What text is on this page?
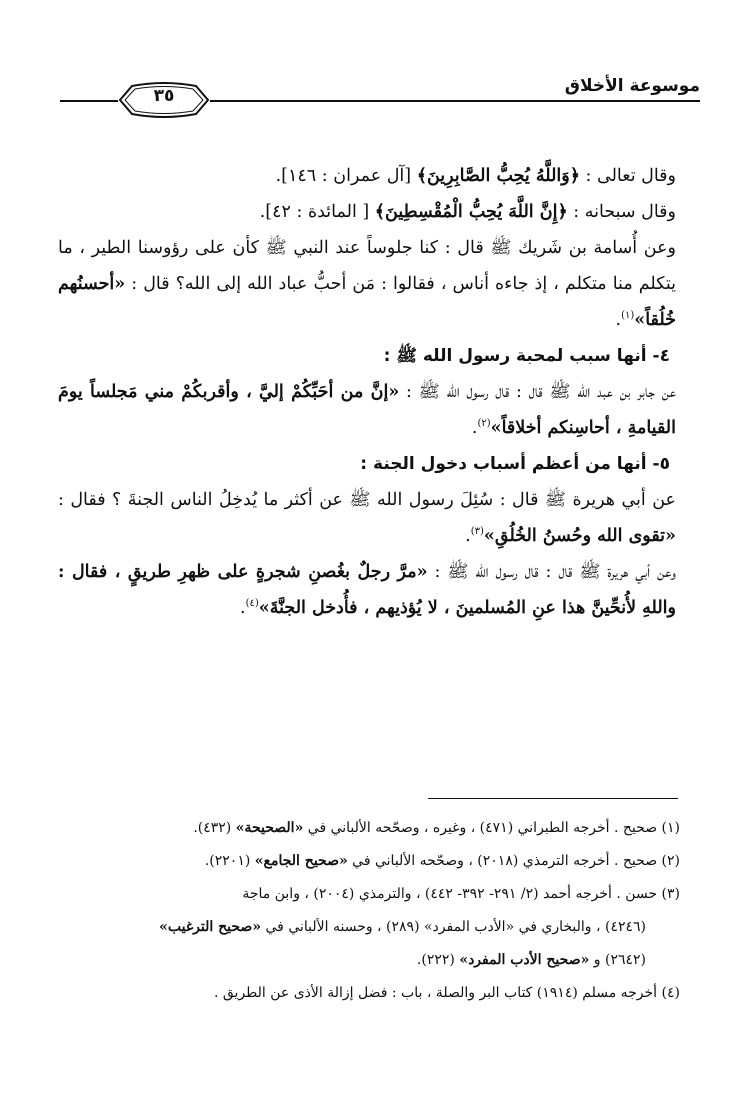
موسوعة الأخلاق
٣٥

وقال تعالى : ﴿وَاللَّهُ يُحِبُّ الصَّابِرِينَ﴾ [آل عمران : ١٤٦].

وقال سبحانه : ﴿إِنَّ اللَّهَ يُحِبُّ الْمُقْسِطِينَ﴾ [ المائدة : ٤٢].

وعن أُسامة بن شَريك ﷺ قال : كنا جلوساً عند النبي ﷺ كأن على رؤوسنا الطير ، ما يتكلم منا متكلم ، إذ جاءه أناس ، فقالوا : مَن أحبُّ عباد الله إلى الله؟ قال : «أحسنُهم خُلُقاً»$^{(١)}$.

٤- أنها سبب لمحبة رسول الله ﷺ :

عن جابر بن عبد الله ﷺ قال : قال رسول الله ﷺ : «إنَّ من أحَبِّكُمْ إليَّ ، وأقربكُمْ مني مَجلساً يومَ القيامةِ ، أحاسِنكم أخلاقاً»$^{(٢)}$.

٥- أنها من أعظم أسباب دخول الجنة :

عن أبي هريرة ﷺ قال : سُئِلَ رسول الله ﷺ عن أكثر ما يُدخِلُ الناس الجنةَ ؟ فقال : «تقوى الله وحُسنُ الخُلُقِ»$^{(٣)}$.

وعن أبي هريرة ﷺ قال : قال رسول الله ﷺ : «مرَّ رجلٌ بغُصنِ شجرةٍ على ظهرِ طريقٍ ، فقال : واللهِ لأُنحِّينَّ هذا عنِ المُسلمينَ ، لا يُؤذيهم ، فأُدخل الجنَّةَ»$^{(٤)}$.

(١) صحيح . أخرجه الطبراني (٤٧١) ، وغيره ، وصحّحه الألباني في «الصحيحة» (٤٣٢).

(٢) صحيح . أخرجه الترمذي (٢٠١٨) ، وصحّحه الألباني في «صحيح الجامع» (٢٢٠١).

(٣) حسن . أخرجه أحمد (٢/ ٢٩١- ٣٩٢- ٤٤٢) ، والترمذي (٢٠٠٤) ، وابن ماجة

(٤٢٤٦) ، والبخاري في «الأدب المفرد» (٢٨٩) ، وحسنه الألباني في «صحيح الترغيب»

(٢٦٤٢) و «صحيح الأدب المفرد» (٢٢٢).

(٤) أخرجه مسلم (١٩١٤) كتاب البر والصلة ، باب : فضل إزالة الأذى عن الطريق .
